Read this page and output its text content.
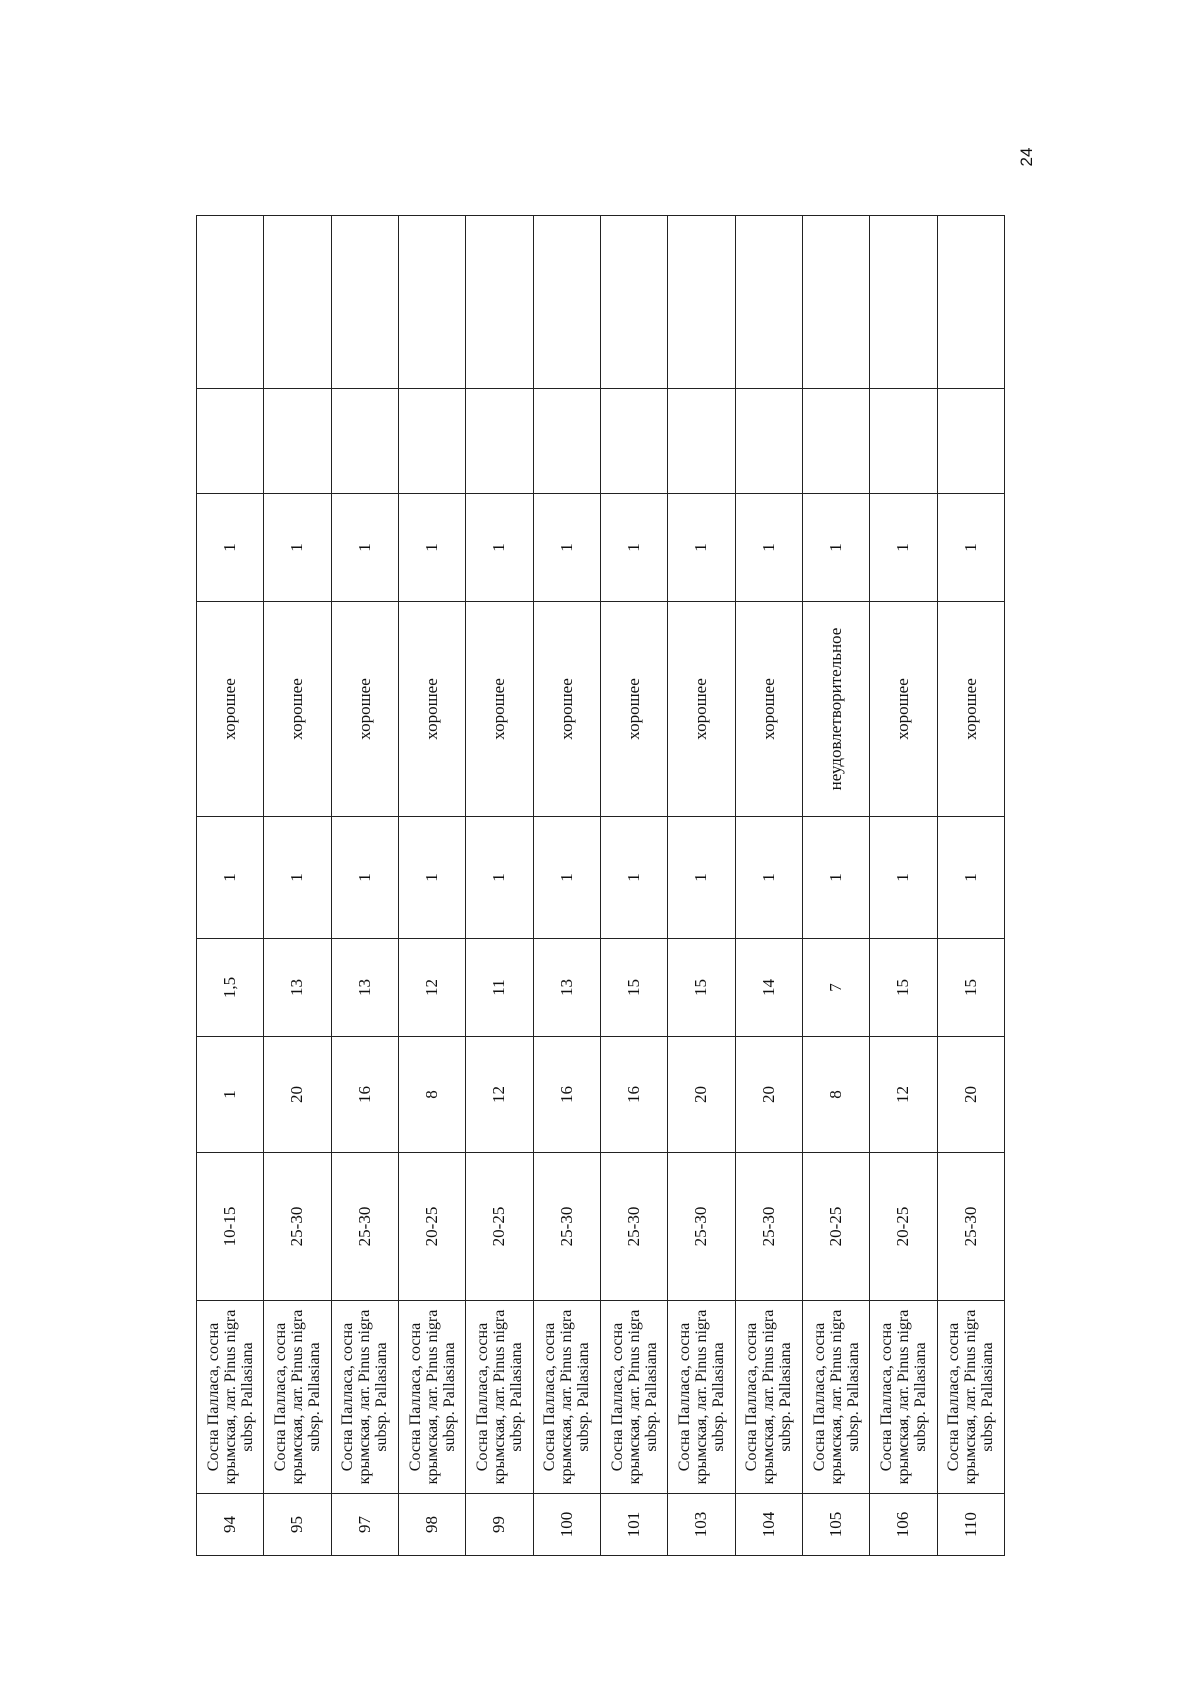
24
94	Сосна Палласа, сосна крымская, лат. Pinus nigra subsp. Pallasiana	10-15	1	1,5	1	хорошее	1		
95	Сосна Палласа, сосна крымская, лат. Pinus nigra subsp. Pallasiana	25-30	20	13	1	хорошее	1		
97	Сосна Палласа, сосна крымская, лат. Pinus nigra subsp. Pallasiana	25-30	16	13	1	хорошее	1		
98	Сосна Палласа, сосна крымская, лат. Pinus nigra subsp. Pallasiana	20-25	8	12	1	хорошее	1		
99	Сосна Палласа, сосна крымская, лат. Pinus nigra subsp. Pallasiana	20-25	12	11	1	хорошее	1		
100	Сосна Палласа, сосна крымская, лат. Pinus nigra subsp. Pallasiana	25-30	16	13	1	хорошее	1		
101	Сосна Палласа, сосна крымская, лат. Pinus nigra subsp. Pallasiana	25-30	16	15	1	хорошее	1		
103	Сосна Палласа, сосна крымская, лат. Pinus nigra subsp. Pallasiana	25-30	20	15	1	хорошее	1		
104	Сосна Палласа, сосна крымская, лат. Pinus nigra subsp. Pallasiana	25-30	20	14	1	хорошее	1		
105	Сосна Палласа, сосна крымская, лат. Pinus nigra subsp. Pallasiana	20-25	8	7	1	неудовлетворительное	1		
106	Сосна Палласа, сосна крымская, лат. Pinus nigra subsp. Pallasiana	20-25	12	15	1	хорошее	1		
110	Сосна Палласа, сосна крымская, лат. Pinus nigra subsp. Pallasiana	25-30	20	15	1	хорошее	1		
